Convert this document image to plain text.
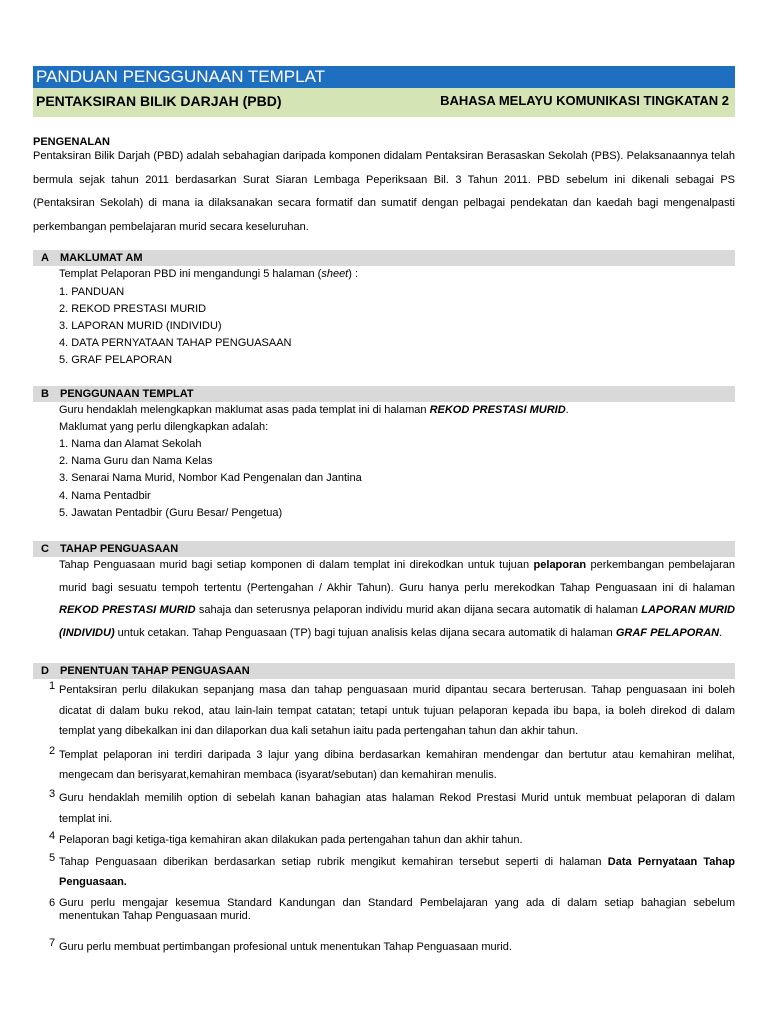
PANDUAN PENGGUNAAN TEMPLAT
PENTAKSIRAN BILIK DARJAH (PBD)	BAHASA MELAYU KOMUNIKASI TINGKATAN 2
PENGENALAN
Pentaksiran Bilik Darjah (PBD) adalah sebahagian daripada komponen didalam Pentaksiran Berasaskan Sekolah (PBS). Pelaksanaannya telah bermula sejak tahun 2011 berdasarkan Surat Siaran Lembaga Peperiksaan Bil. 3 Tahun 2011. PBD sebelum ini dikenali sebagai PS (Pentaksiran Sekolah) di mana ia dilaksanakan secara formatif dan sumatif dengan pelbagai pendekatan dan kaedah bagi mengenalpasti perkembangan pembelajaran murid secara keseluruhan.
A MAKLUMAT AM
Templat Pelaporan PBD ini mengandungi 5 halaman (sheet) :
1. PANDUAN
2. REKOD PRESTASI MURID
3. LAPORAN MURID (INDIVIDU)
4. DATA PERNYATAAN TAHAP PENGUASAAN
5. GRAF PELAPORAN
B PENGGUNAAN TEMPLAT
Guru hendaklah melengkapkan maklumat asas pada templat ini di halaman REKOD PRESTASI MURID.
Maklumat yang perlu dilengkapkan adalah:
1. Nama dan Alamat Sekolah
2. Nama Guru dan Nama Kelas
3. Senarai Nama Murid, Nombor Kad Pengenalan dan Jantina
4. Nama Pentadbir
5. Jawatan Pentadbir (Guru Besar/ Pengetua)
C TAHAP PENGUASAAN
Tahap Penguasaan murid bagi setiap komponen di dalam templat ini direkodkan untuk tujuan pelaporan perkembangan pembelajaran murid bagi sesuatu tempoh tertentu (Pertengahan / Akhir Tahun). Guru hanya perlu merekodkan Tahap Penguasaan ini di halaman REKOD PRESTASI MURID sahaja dan seterusnya pelaporan individu murid akan dijana secara automatik di halaman LAPORAN MURID (INDIVIDU) untuk cetakan. Tahap Penguasaan (TP) bagi tujuan analisis kelas dijana secara automatik di halaman GRAF PELAPORAN.
D PENENTUAN TAHAP PENGUASAAN
1 Pentaksiran perlu dilakukan sepanjang masa dan tahap penguasaan murid dipantau secara berterusan. Tahap penguasaan ini boleh dicatat di dalam buku rekod, atau lain-lain tempat catatan; tetapi untuk tujuan pelaporan kepada ibu bapa, ia boleh direkod di dalam templat yang dibekalkan ini dan dilaporkan dua kali setahun iaitu pada pertengahan tahun dan akhir tahun.
2 Templat pelaporan ini terdiri daripada 3 lajur yang dibina berdasarkan kemahiran mendengar dan bertutur atau kemahiran melihat, mengecam dan berisyarat,kemahiran membaca (isyarat/sebutan) dan kemahiran menulis.
3 Guru hendaklah memilih option di sebelah kanan bahagian atas halaman Rekod Prestasi Murid untuk membuat pelaporan di dalam templat ini.
4 Pelaporan bagi ketiga-tiga kemahiran akan dilakukan pada pertengahan tahun dan akhir tahun.
5 Tahap Penguasaan diberikan berdasarkan setiap rubrik mengikut kemahiran tersebut seperti di halaman Data Pernyataan Tahap Penguasaan.
6 Guru perlu mengajar kesemua Standard Kandungan dan Standard Pembelajaran yang ada di dalam setiap bahagian sebelum menentukan Tahap Penguasaan murid.
7 Guru perlu membuat pertimbangan profesional untuk menentukan Tahap Penguasaan murid.
